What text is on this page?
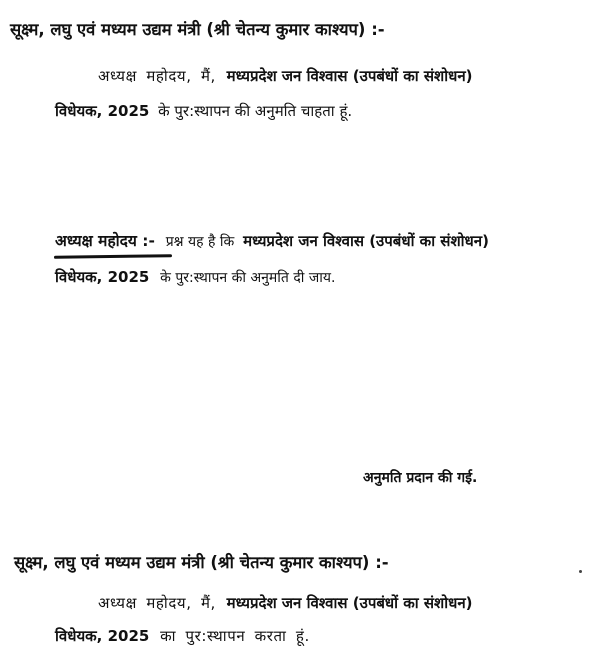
सूक्ष्म, लघु एवं मध्यम उद्यम मंत्री (श्री चेतन्य कुमार काश्यप) :-
अध्यक्ष महोदय, मैं, मध्यप्रदेश जन विश्वास (उपबंधों का संशोधन)
विधेयक, 2025 के पुर:स्थापन की अनुमति चाहता हूं.
अध्यक्ष महोदय :- प्रश्न यह है कि मध्यप्रदेश जन विश्वास (उपबंधों का संशोधन)
विधेयक, 2025 के पुर:स्थापन की अनुमति दी जाय.
अनुमति प्रदान की गई.
सूक्ष्म, लघु एवं मध्यम उद्यम मंत्री (श्री चेतन्य कुमार काश्यप) :-
अध्यक्ष महोदय, मैं, मध्यप्रदेश जन विश्वास (उपबंधों का संशोधन)
विधेयक, 2025 का पुर:स्थापन करता हूं.
